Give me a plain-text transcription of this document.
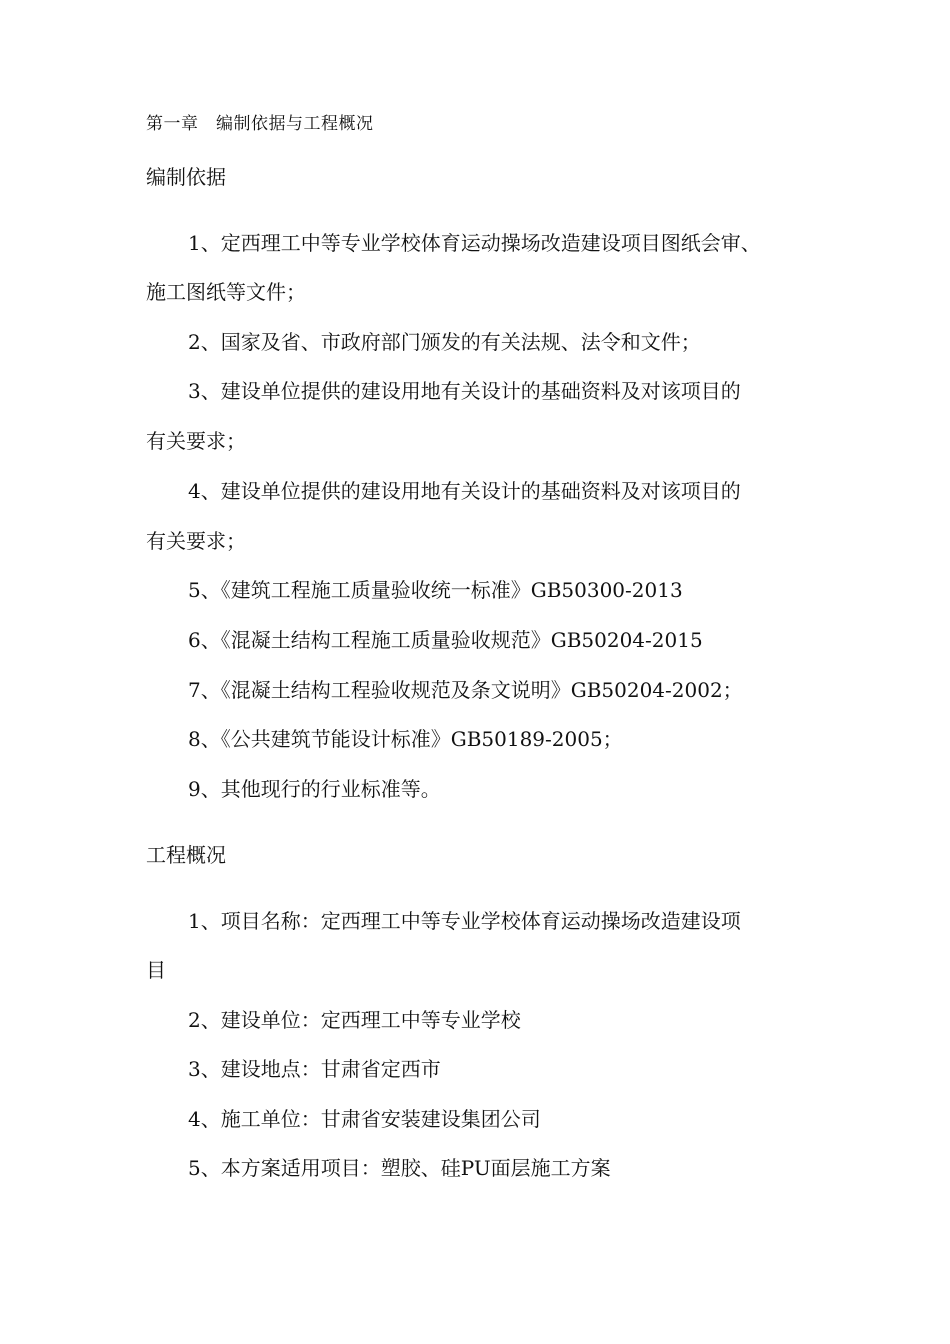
第一章　编制依据与工程概况

编制依据

1、定西理工中等专业学校体育运动操场改造建设项目图纸会审、

施工图纸等文件；

2、国家及省、市政府部门颁发的有关法规、法令和文件；

3、建设单位提供的建设用地有关设计的基础资料及对该项目的

有关要求；

4、建设单位提供的建设用地有关设计的基础资料及对该项目的

有关要求；

5、《建筑工程施工质量验收统一标准》GB50300-2013

6、《混凝土结构工程施工质量验收规范》GB50204-2015

7、《混凝土结构工程验收规范及条文说明》GB50204-2002；

8、《公共建筑节能设计标准》GB50189-2005；

9、其他现行的行业标准等。

工程概况

1、项目名称：定西理工中等专业学校体育运动操场改造建设项

目

2、建设单位：定西理工中等专业学校

3、建设地点：甘肃省定西市

4、施工单位：甘肃省安装建设集团公司

5、本方案适用项目：塑胶、硅PU面层施工方案
